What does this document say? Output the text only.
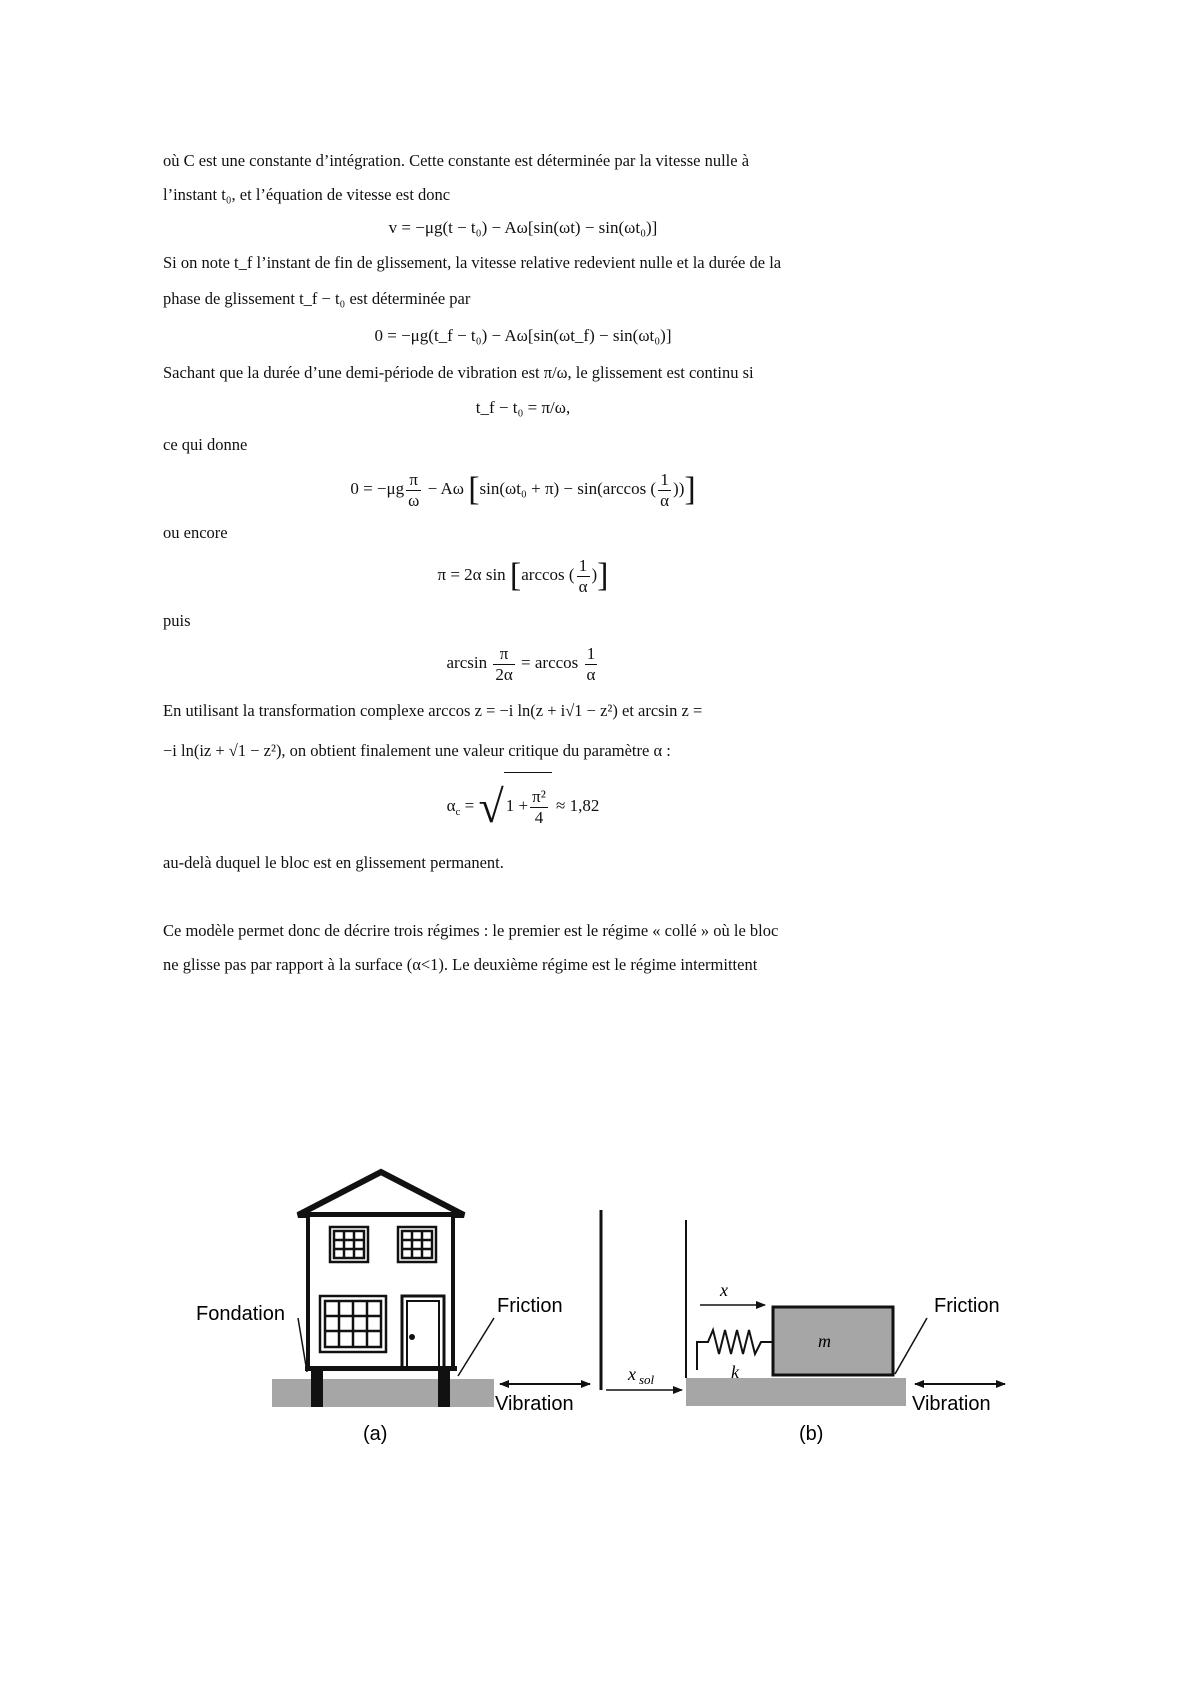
où C est une constante d’intégration. Cette constante est déterminée par la vitesse nulle à
l’instant t₀, et l’équation de vitesse est donc
v = −μg(t − t₀) − Aω[sin(ωt) − sin(ωt₀)]
Si on note t_f l’instant de fin de glissement, la vitesse relative redevient nulle et la durée de la
phase de glissement t_f − t₀ est déterminée par
0 = −μg(t_f − t₀) − Aω[sin(ωt_f) − sin(ωt₀)]
Sachant que la durée d’une demi-période de vibration est π/ω, le glissement est continu si
t_f − t₀ = π/ω,
ce qui donne
$0 = -\mu g \frac{\pi}{\omega} - A\omega$ [sin(ωt₀ + π) − sin(arccos ( $\frac{1}{\alpha}$ ))]
ou encore
π = 2α sin [arccos ( $\frac{1}{\alpha}$ )]
puis
$\arcsin \frac{\pi}{2\alpha} = \arccos \frac{1}{\alpha}$
En utilisant la transformation complexe arccos z = −i ln(z + i√1 − z²) et arcsin z =
−i ln(iz + √1 − z²), on obtient finalement une valeur critique du paramètre α :
$\alpha_c$ = √ $1 + \frac{\text{π²}}{4} \approx 1,82$
au-delà duquel le bloc est en glissement permanent.
Ce modèle permet donc de décrire trois régimes : le premier est le régime « collé » où le bloc
ne glisse pas par rapport à la surface (α<1). Le deuxième régime est le régime intermittent
Fondation	Friction
Vibration
(a)
x
m
k
x sol
Friction
Vibration
(b)
